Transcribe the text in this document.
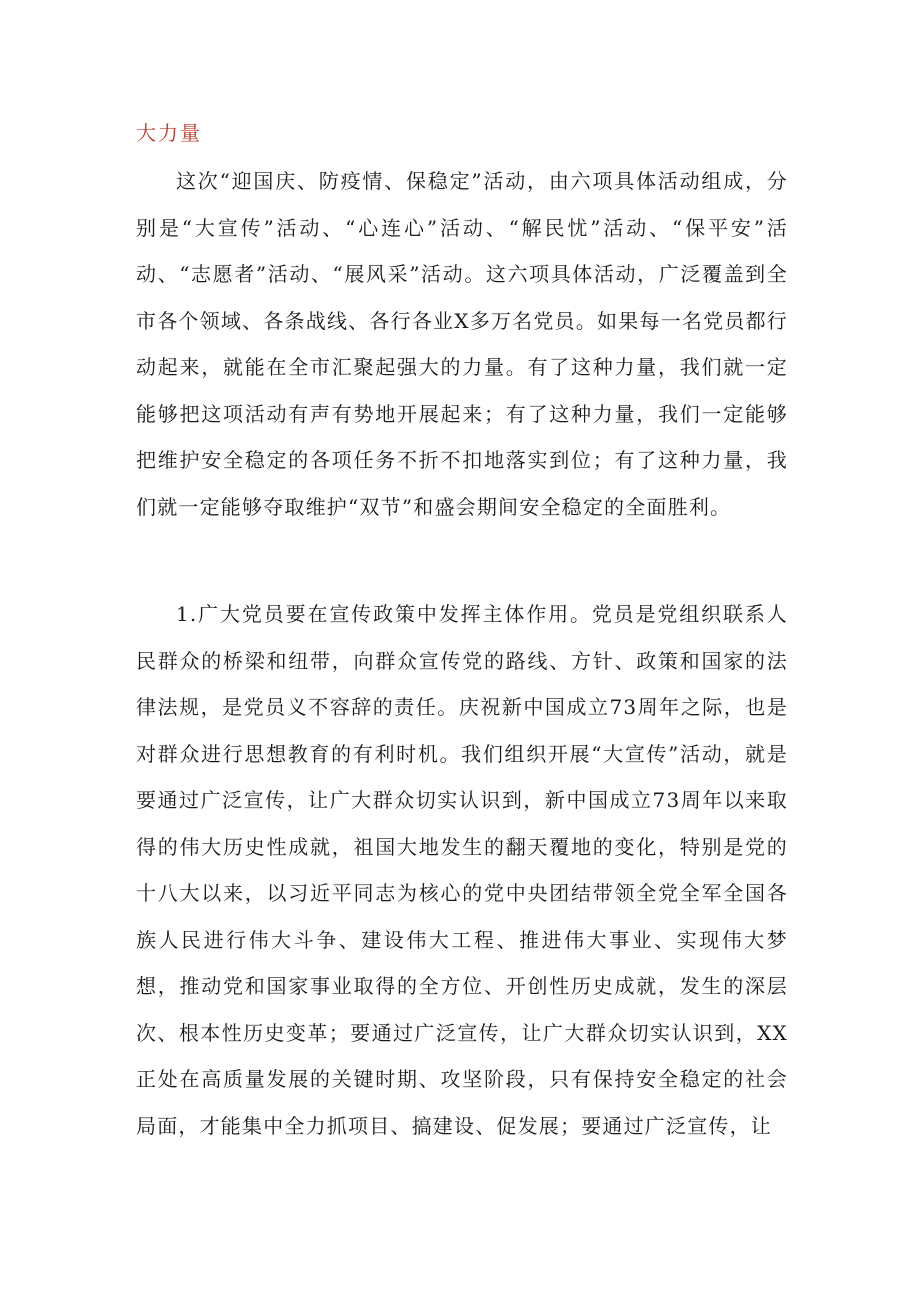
大力量

这次“迎国庆、防疫情、保稳定”活动，由六项具体活动组成，分别是“大宣传”活动、“心连心”活动、“解民忧”活动、“保平安”活动、“志愿者”活动、“展风采”活动。这六项具体活动，广泛覆盖到全市各个领域、各条战线、各行各业X多万名党员。如果每一名党员都行动起来，就能在全市汇聚起强大的力量。有了这种力量，我们就一定能够把这项活动有声有势地开展起来；有了这种力量，我们一定能够把维护安全稳定的各项任务不折不扣地落实到位；有了这种力量，我们就一定能够夺取维护“双节”和盛会期间安全稳定的全面胜利。

1.广大党员要在宣传政策中发挥主体作用。党员是党组织联系人民群众的桥梁和纽带，向群众宣传党的路线、方针、政策和国家的法律法规，是党员义不容辞的责任。庆祝新中国成立73周年之际，也是对群众进行思想教育的有利时机。我们组织开展“大宣传”活动，就是要通过广泛宣传，让广大群众切实认识到，新中国成立73周年以来取得的伟大历史性成就，祖国大地发生的翻天覆地的变化，特别是党的十八大以来，以习近平同志为核心的党中央团结带领全党全军全国各族人民进行伟大斗争、建设伟大工程、推进伟大事业、实现伟大梦想，推动党和国家事业取得的全方位、开创性历史成就，发生的深层次、根本性历史变革；要通过广泛宣传，让广大群众切实认识到，XX正处在高质量发展的关键时期、攻坚阶段，只有保持安全稳定的社会局面，才能集中全力抓项目、搞建设、促发展；要通过广泛宣传，让
